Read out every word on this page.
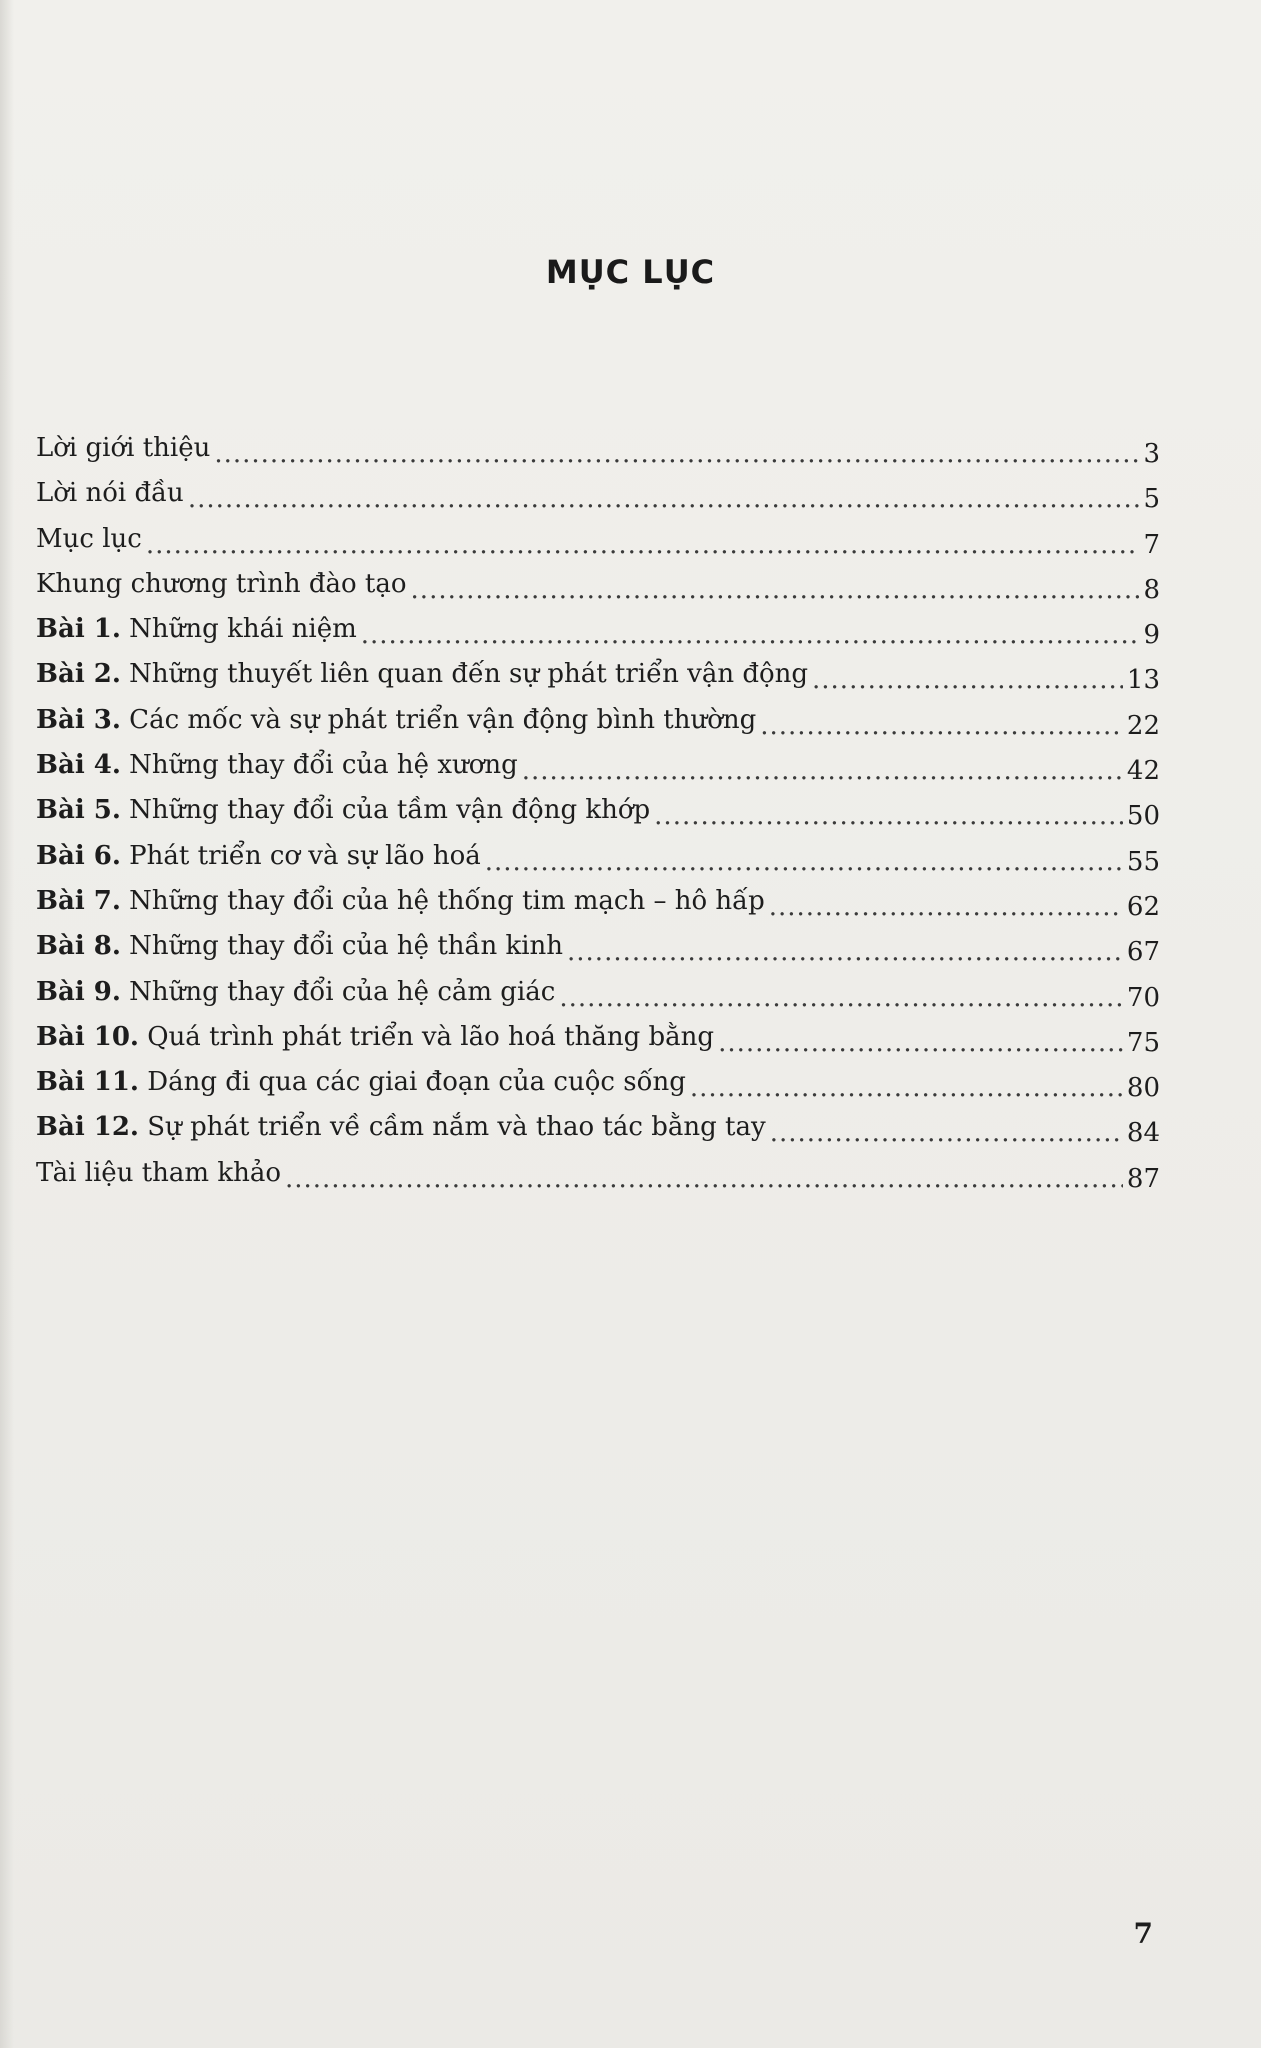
MỤC LỤC
Lời giới thiệu .....	3
Lời nói đầu .....	5
Mục lục .....	7
Khung chương trình đào tạo .....	8
Bài 1. Những khái niệm .....	9
Bài 2. Những thuyết liên quan đến sự phát triển vận động .....	13
Bài 3. Các mốc và sự phát triển vận động bình thường .....	22
Bài 4. Những thay đổi của hệ xương .....	42
Bài 5. Những thay đổi của tầm vận động khớp .....	50
Bài 6. Phát triển cơ và sự lão hoá .....	55
Bài 7. Những thay đổi của hệ thống tim mạch – hô hấp .....	62
Bài 8. Những thay đổi của hệ thần kinh .....	67
Bài 9. Những thay đổi của hệ cảm giác .....	70
Bài 10. Quá trình phát triển và lão hoá thăng bằng .....	75
Bài 11. Dáng đi qua các giai đoạn của cuộc sống .....	80
Bài 12. Sự phát triển về cầm nắm và thao tác bằng tay .....	84
Tài liệu tham khảo .....	87
7
